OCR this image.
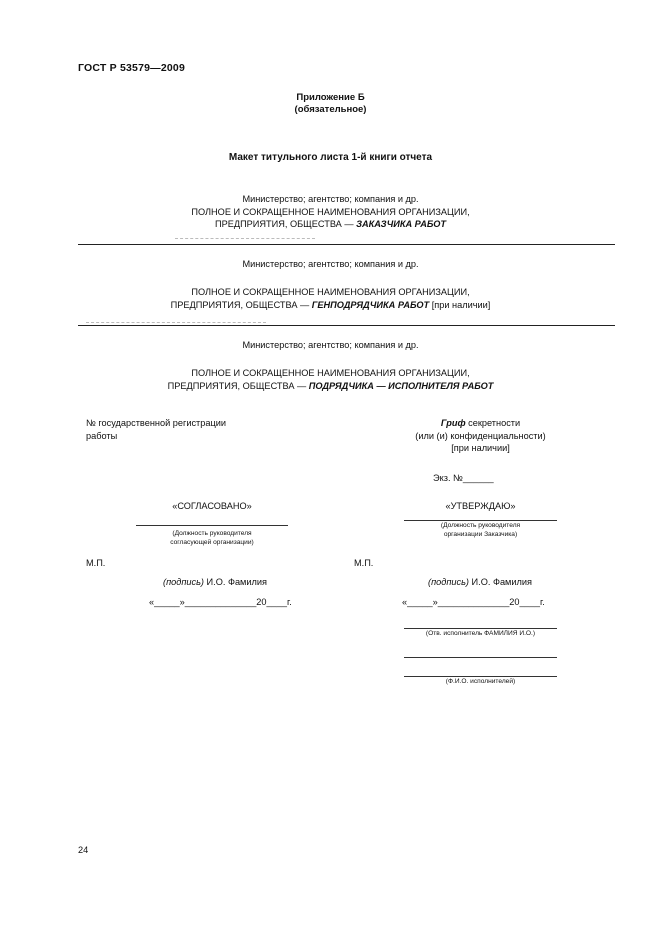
ГОСТ Р 53579—2009
Приложение Б
(обязательное)
Макет титульного листа 1-й книги отчета
Министерство; агентство; компания и др.
ПОЛНОЕ И СОКРАЩЕННОЕ НАИМЕНОВАНИЯ ОРГАНИЗАЦИИ,
ПРЕДПРИЯТИЯ, ОБЩЕСТВА — ЗАКАЗЧИКА РАБОТ
Министерство; агентство; компания и др.
ПОЛНОЕ И СОКРАЩЕННОЕ НАИМЕНОВАНИЯ ОРГАНИЗАЦИИ,
ПРЕДПРИЯТИЯ, ОБЩЕСТВА — ГЕНПОДРЯДЧИКА РАБОТ [при наличии]
Министерство; агентство; компания и др.
ПОЛНОЕ И СОКРАЩЕННОЕ НАИМЕНОВАНИЯ ОРГАНИЗАЦИИ,
ПРЕДПРИЯТИЯ, ОБЩЕСТВА — ПОДРЯДЧИКА — ИСПОЛНИТЕЛЯ РАБОТ
№ государственной регистрации
работы
Гриф секретности
(или (и) конфиденциальности)
[при наличии]
Экз. №______
«СОГЛАСОВАНО»
(Должность руководителя
согласующей организации)
М.П.
(подпись) И.О. Фамилия
«_____»______________20____г.
«УТВЕРЖДАЮ»
(Должность руководителя
организации Заказчика)
М.П.
(подпись) И.О. Фамилия
«_____»______________20____г.
(Отв. исполнитель ФАМИЛИЯ И.О.)
(Ф.И.О. исполнителей)
24
